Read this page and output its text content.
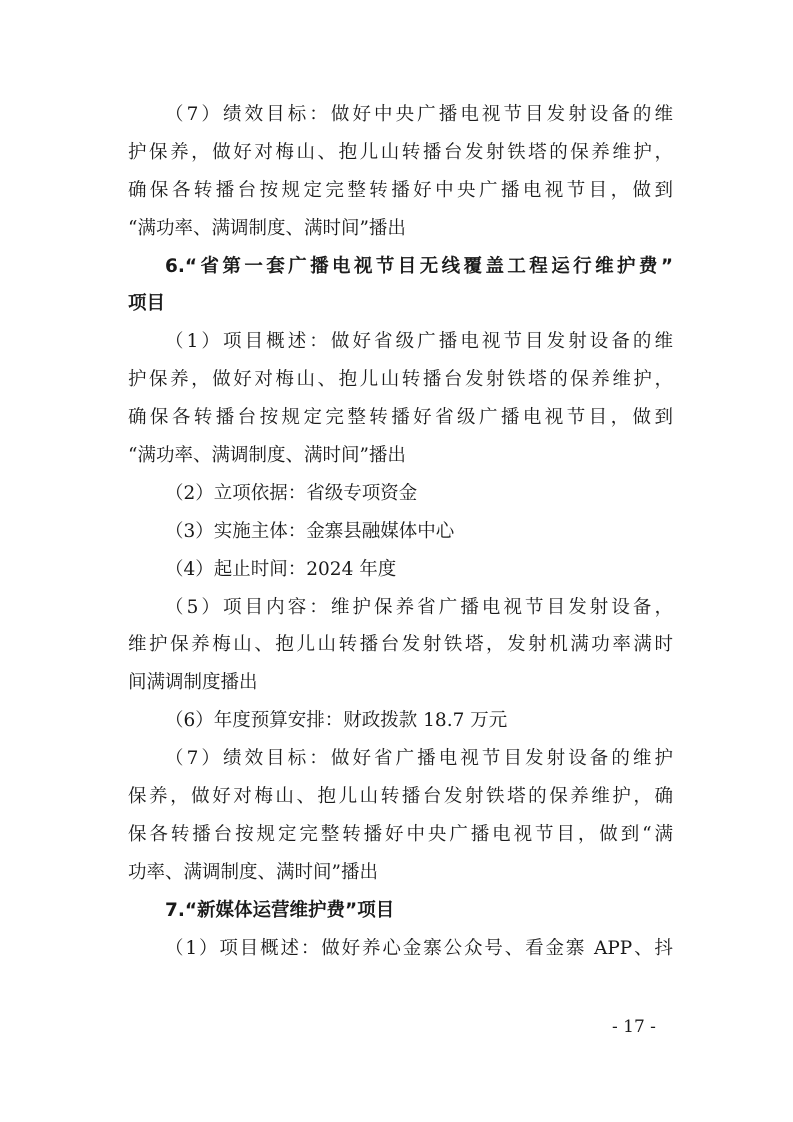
（7）绩效目标：做好中央广播电视节目发射设备的维
护保养，做好对梅山、抱儿山转播台发射铁塔的保养维护，
确保各转播台按规定完整转播好中央广播电视节目，做到
“满功率、满调制度、满时间”播出
6.“省第一套广播电视节目无线覆盖工程运行维护费”
项目
（1）项目概述：做好省级广播电视节目发射设备的维
护保养，做好对梅山、抱儿山转播台发射铁塔的保养维护，
确保各转播台按规定完整转播好省级广播电视节目，做到
“满功率、满调制度、满时间”播出
（2）立项依据：省级专项资金
（3）实施主体：金寨县融媒体中心
（4）起止时间：2024 年度
（5）项目内容：维护保养省广播电视节目发射设备，
维护保养梅山、抱儿山转播台发射铁塔，发射机满功率满时
间满调制度播出
（6）年度预算安排：财政拨款 18.7 万元
（7）绩效目标：做好省广播电视节目发射设备的维护
保养，做好对梅山、抱儿山转播台发射铁塔的保养维护，确
保各转播台按规定完整转播好中央广播电视节目，做到“满
功率、满调制度、满时间”播出
7.“新媒体运营维护费”项目
（1）项目概述：做好养心金寨公众号、看金寨 APP、抖
- 17 -
